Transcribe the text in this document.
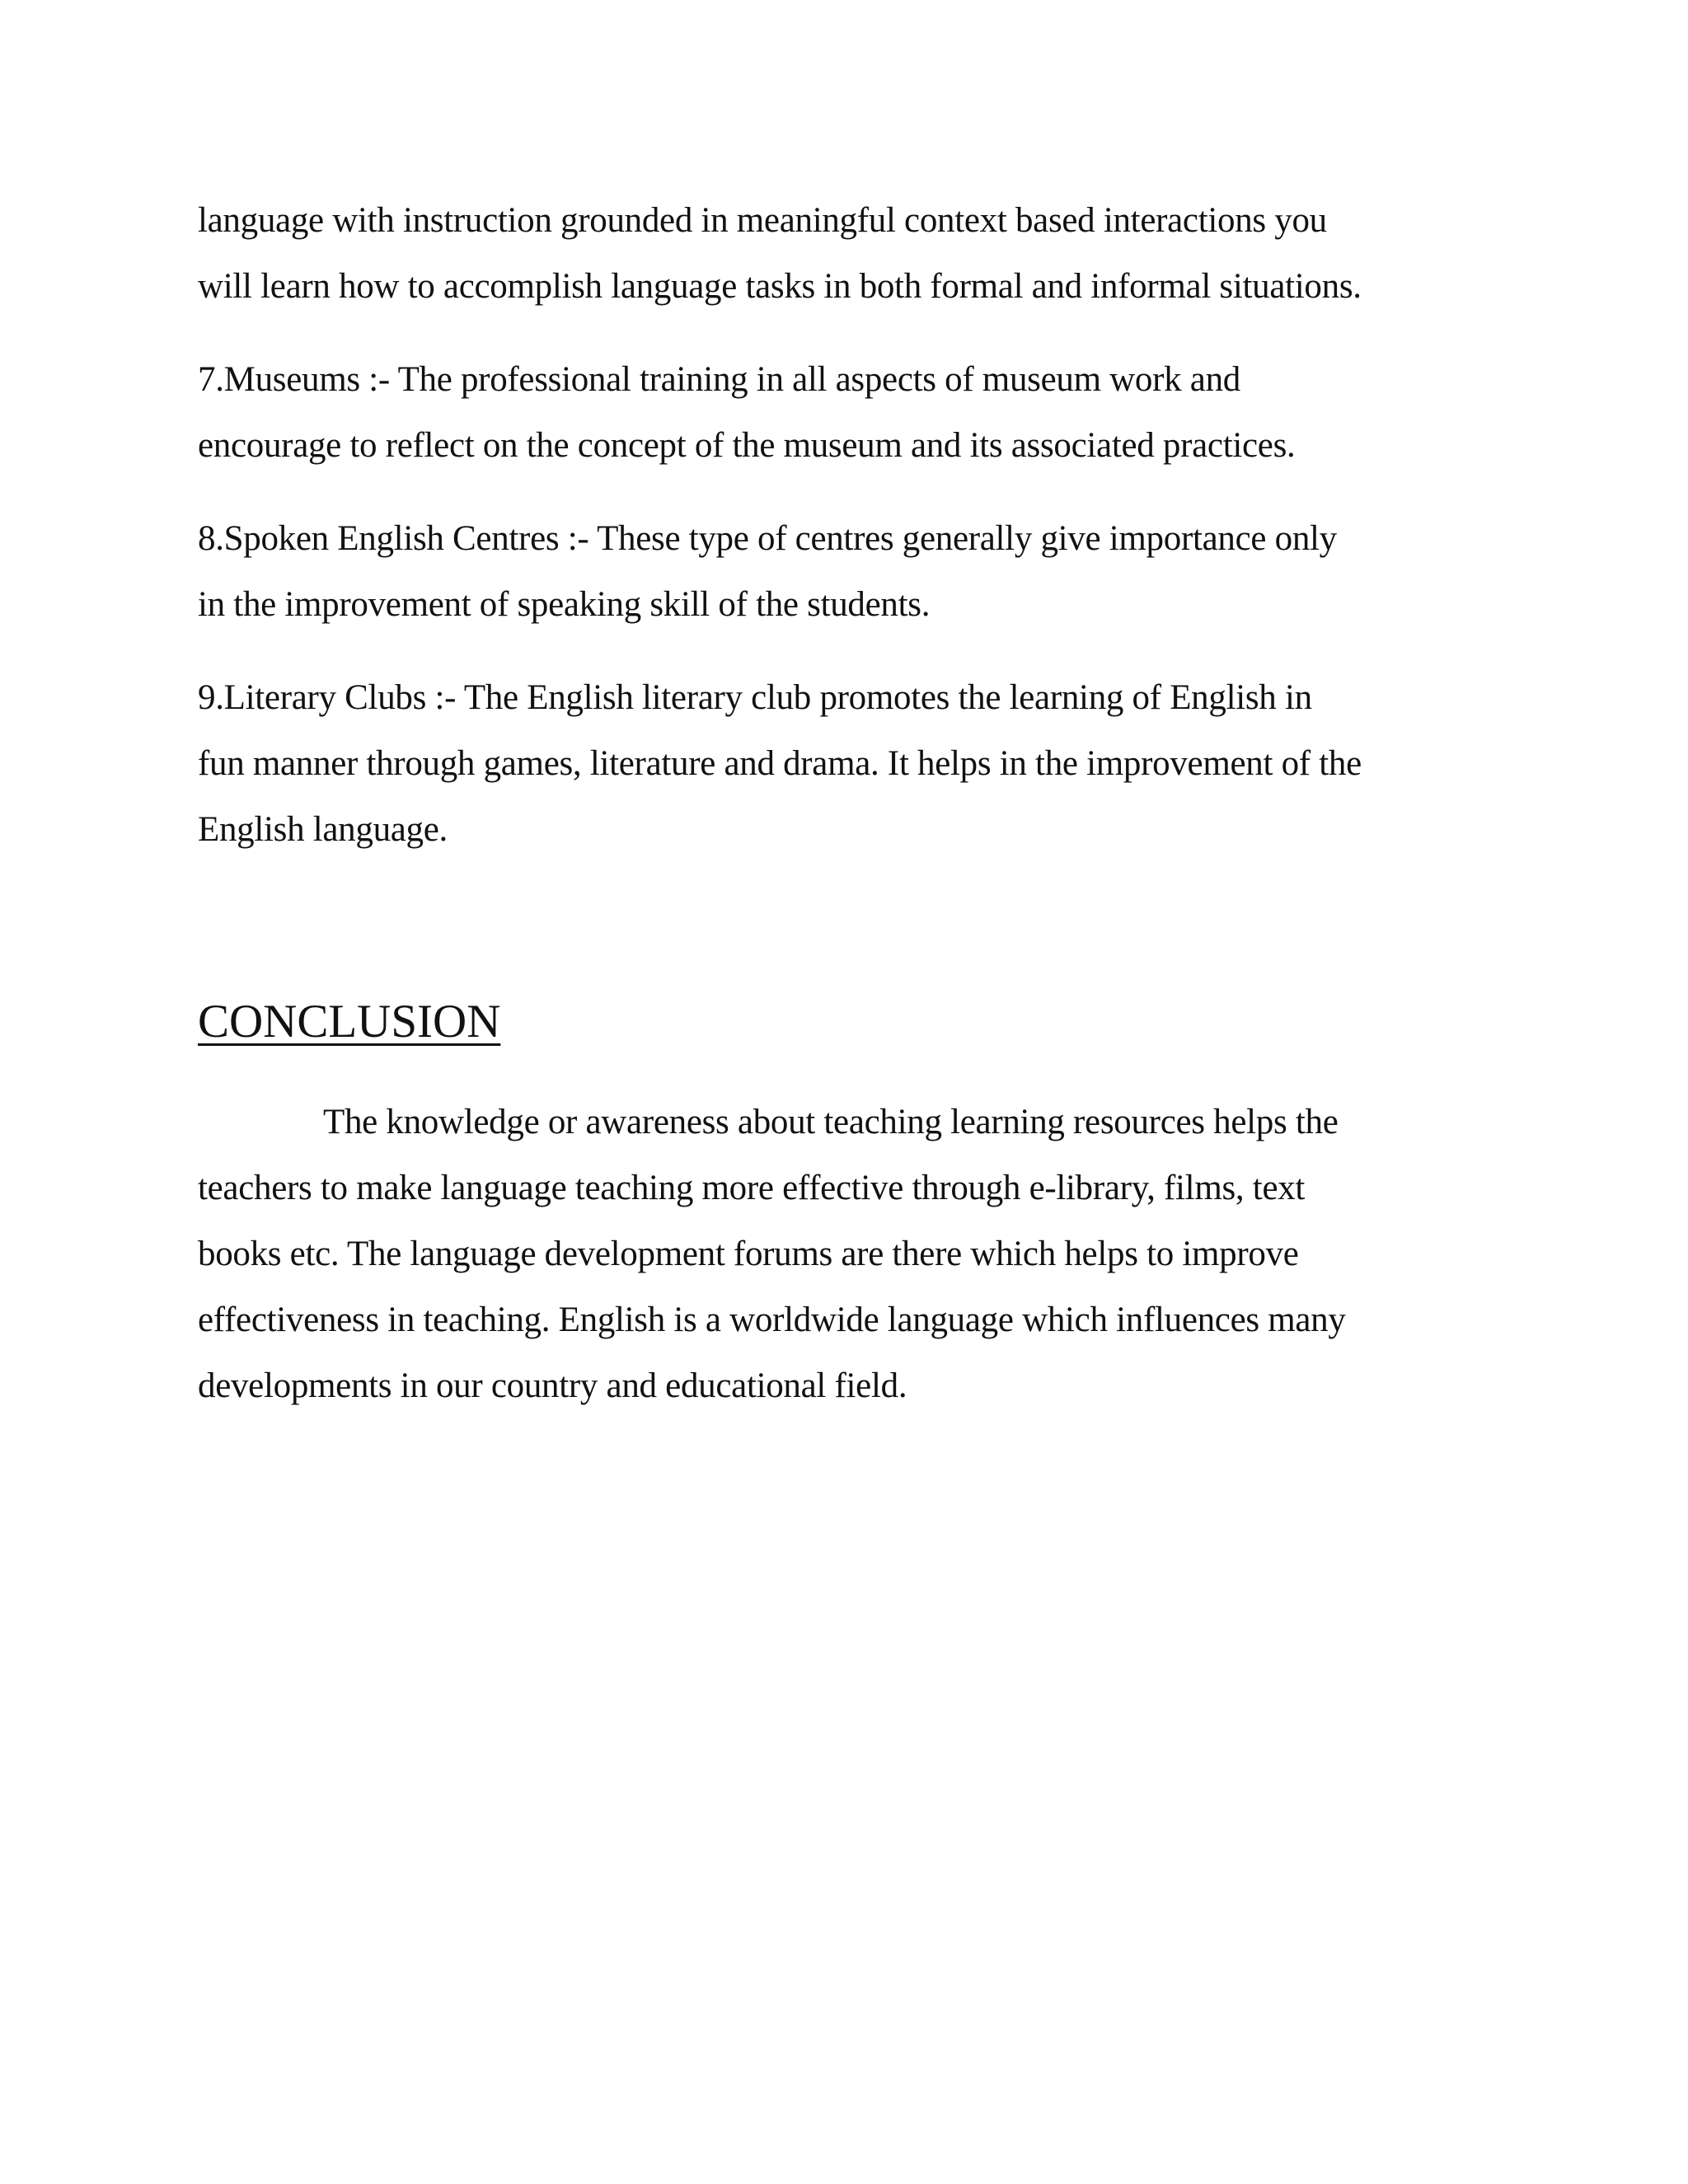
language with instruction grounded in meaningful context based interactions you
will learn how to accomplish language tasks in both formal and informal situations.
7.Museums :- The professional training in all aspects of museum work and
encourage to reflect on the concept of the museum and its associated practices.
8.Spoken English Centres :- These type of centres generally give importance only
in the improvement of speaking skill of the students.
9.Literary Clubs :- The English literary club promotes the learning of English in
fun manner through games, literature and drama. It helps in the improvement of the
English language.
CONCLUSION
The knowledge or awareness about teaching learning resources helps the
teachers to make language teaching more effective through e-library, films, text
books etc. The language development forums are there which helps to improve
effectiveness in teaching. English is a worldwide language which influences many
developments in our country and educational field.
